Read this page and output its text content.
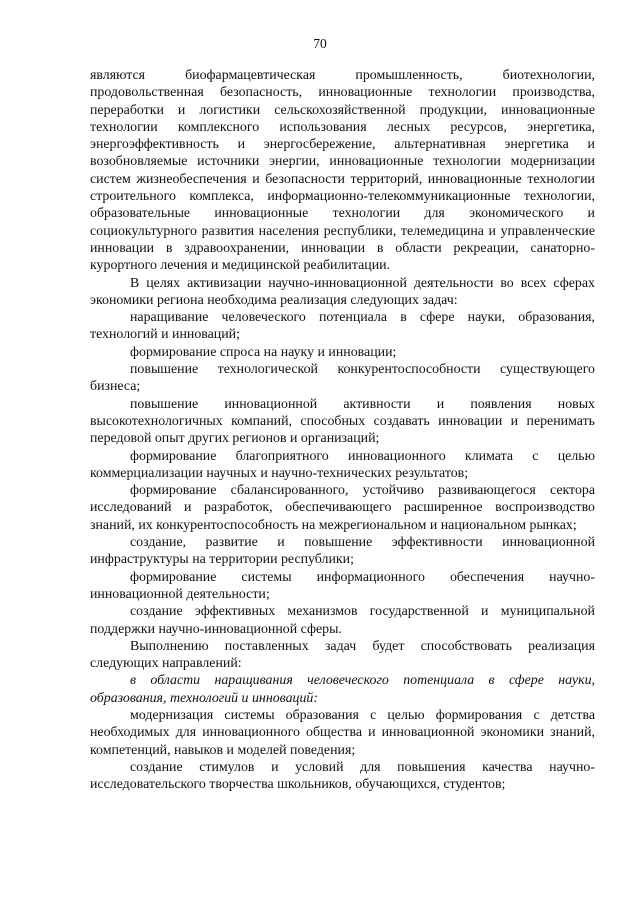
70

являются биофармацевтическая промышленность, биотехнологии, продовольственная безопасность, инновационные технологии производства, переработки и логистики сельскохозяйственной продукции, инновационные технологии комплексного использования лесных ресурсов, энергетика, энергоэффективность и энергосбережение, альтернативная энергетика и возобновляемые источники энергии, инновационные технологии модернизации систем жизнеобеспечения и безопасности территорий, инновационные технологии строительного комплекса, информационно-телекоммуникационные технологии, образовательные инновационные технологии для экономического и социокультурного развития населения республики, телемедицина и управленческие инновации в здравоохранении, инновации в области рекреации, санаторно-курортного лечения и медицинской реабилитации.

В целях активизации научно-инновационной деятельности во всех сферах экономики региона необходима реализация следующих задач:

наращивание человеческого потенциала в сфере науки, образования, технологий и инноваций;

формирование спроса на науку и инновации;

повышение технологической конкурентоспособности существующего бизнеса;

повышение инновационной активности и появления новых высокотехнологичных компаний, способных создавать инновации и перенимать передовой опыт других регионов и организаций;

формирование благоприятного инновационного климата с целью коммерциализации научных и научно-технических результатов;

формирование сбалансированного, устойчиво развивающегося сектора исследований и разработок, обеспечивающего расширенное воспроизводство знаний, их конкурентоспособность на межрегиональном и национальном рынках;

создание, развитие и повышение эффективности инновационной инфраструктуры на территории республики;

формирование системы информационного обеспечения научно-инновационной деятельности;

создание эффективных механизмов государственной и муниципальной поддержки научно-инновационной сферы.

Выполнению поставленных задач будет способствовать реализация следующих направлений:

в области наращивания человеческого потенциала в сфере науки, образования, технологий и инноваций:

модернизация системы образования с целью формирования с детства необходимых для инновационного общества и инновационной экономики знаний, компетенций, навыков и моделей поведения;

создание стимулов и условий для повышения качества научно-исследовательского творчества школьников, обучающихся, студентов;
